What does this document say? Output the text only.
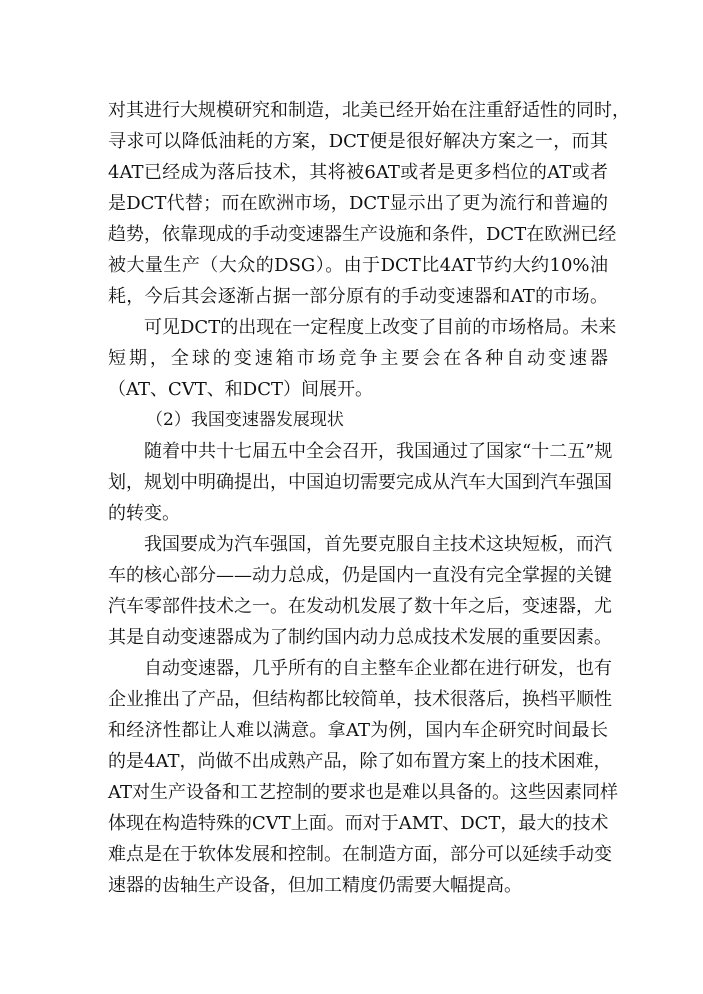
对其进行大规模研究和制造，北美已经开始在注重舒适性的同时，
寻求可以降低油耗的方案，DCT便是很好解决方案之一，而其
4AT已经成为落后技术，其将被6AT或者是更多档位的AT或者
是DCT代替；而在欧洲市场，DCT显示出了更为流行和普遍的
趋势，依靠现成的手动变速器生产设施和条件，DCT在欧洲已经
被大量生产（大众的DSG）。由于DCT比4AT节约大约10%油
耗，今后其会逐渐占据一部分原有的手动变速器和AT的市场。
可见DCT的出现在一定程度上改变了目前的市场格局。未来
短期，全球的变速箱市场竞争主要会在各种自动变速器
（AT、CVT、和DCT）间展开。
（2）我国变速器发展现状
随着中共十七届五中全会召开，我国通过了国家“十二五”规
划，规划中明确提出，中国迫切需要完成从汽车大国到汽车强国
的转变。
我国要成为汽车强国，首先要克服自主技术这块短板，而汽
车的核心部分——动力总成，仍是国内一直没有完全掌握的关键
汽车零部件技术之一。在发动机发展了数十年之后，变速器，尤
其是自动变速器成为了制约国内动力总成技术发展的重要因素。
自动变速器，几乎所有的自主整车企业都在进行研发，也有
企业推出了产品，但结构都比较简单，技术很落后，换档平顺性
和经济性都让人难以满意。拿AT为例，国内车企研究时间最长
的是4AT，尚做不出成熟产品，除了如布置方案上的技术困难，
AT对生产设备和工艺控制的要求也是难以具备的。这些因素同样
体现在构造特殊的CVT上面。而对于AMT、DCT，最大的技术
难点是在于软体发展和控制。在制造方面，部分可以延续手动变
速器的齿轴生产设备，但加工精度仍需要大幅提高。
